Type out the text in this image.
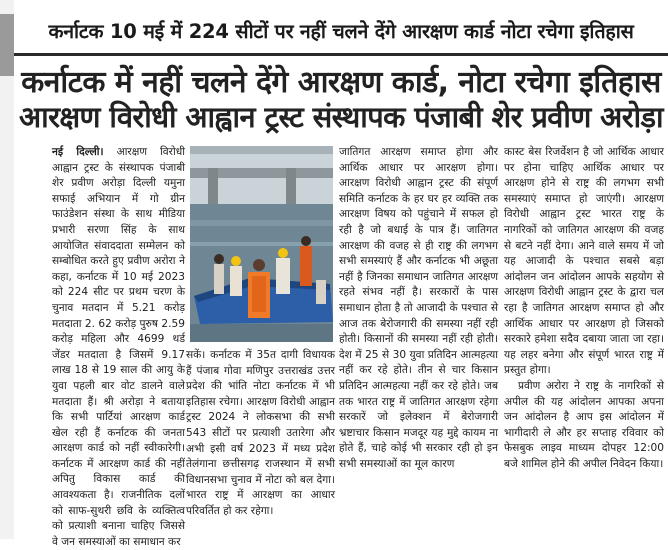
कर्नाटक 10 मई में 224 सीटों पर नहीं चलने देंगे आरक्षण कार्ड नोटा रचेगा इतिहास
कर्नाटक में नहीं चलने देंगे आरक्षण कार्ड, नोटा रचेगा इतिहास
आरक्षण विरोधी आह्वान ट्रस्ट संस्थापक पंजाबी शेर प्रवीण अरोड़ा

नई दिल्ली। आरक्षण विरोधी आह्वान ट्रस्ट के संस्थापक पंजाबी शेर प्रवीण अरोड़ा दिल्ली यमुना सफाई अभियान में गो ग्रीन फाउंडेशन संस्था के साथ मीडिया प्रभारी सरणा सिंह के साथ आयोजित संवाददाता सम्मेलन को सम्बोधित करते हुए प्रवीण अरोरा ने कहा, कर्नाटक में 10 मई 2023 को 224 सीट पर प्रथम चरण के चुनाव मतदान में 5.21 करोड़ मतदाता 2. 62 करोड़ पुरुष 2.59 करोड़ महिला और 4699 थर्ड जेंडर मतदाता है जिसमें 9.17 लाख 18 से 19 साल की आयु के युवा पहली बार वोट डालने वाले मतदाता हैं। श्री अरोड़ा ने बताया कि सभी पार्टियां आरक्षण कार्ड खेल रही हैं कर्नाटक की जनता आरक्षण कार्ड को नहीं स्वीकारेगी। कर्नाटक में आरक्षण कार्ड की नहीं अपितु विकास कार्ड की आवश्यकता है। राजनीतिक दलों को साफ-सुथरी छवि के व्यक्तित्व को प्रत्याशी बनाना चाहिए जिससे वे जन समस्याओं का समाधान कर

सकें। कर्नाटक में 35त दागी विधायक हैं पंजाब गोवा मणिपुर उत्तराखंड उत्तर प्रदेश की भांति नोटा कर्नाटक में भी इतिहास रचेगा। आरक्षण विरोधी आह्वान ट्रस्ट 2024 ने लोकसभा की सभी 543 सीटों पर प्रत्याशी उतारेगा और अभी इसी वर्ष 2023 में मध्य प्रदेश तेलंगाना छत्तीसगढ़ राजस्थान में सभी विधानसभा चुनाव में नोटा को बल देगा। भारत राष्ट्र में आरक्षण का आधार परिवर्तित हो कर रहेगा।

जातिगत आरक्षण समाप्त होगा और आर्थिक आधार पर आरक्षण होगा। आरक्षण विरोधी आह्वान ट्रस्ट की संपूर्ण समिति कर्नाटक के हर घर हर व्यक्ति तक आरक्षण विषय को पहुंचाने में सफल हो रही है जो बधाई के पात्र हैं। जातिगत आरक्षण की वजह से ही राष्ट्र की लगभग सभी समस्याएं हैं और कर्नाटक भी अछूता नहीं है जिनका समाधान जातिगत आरक्षण रहते संभव नहीं है। सरकारों के पास समाधान होता है तो आजादी के पश्चात से आज तक बेरोजगारी की समस्या नहीं रही होती। किसानों की समस्या नहीं रही होती। देश में 25 से 30 युवा प्रतिदिन आत्महत्या नहीं कर रहे होते। तीन से चार किसान प्रतिदिन आत्महत्या नहीं कर रहे होते। जब तक भारत राष्ट्र में जातिगत आरक्षण रहेगा सरकारें जो इलेक्शन में बेरोजगारी भ्रष्टाचार किसान मजदूर यह मुद्दे कायम ना होते हैं, चाहे कोई भी सरकार रही हो इन सभी समस्याओं का मूल कारण

कास्ट बेस रिजर्वेशन है जो आर्थिक आधार पर होना चाहिए आर्थिक आधार पर आरक्षण होने से राष्ट्र की लगभग सभी समस्याएं समाप्त हो जाएंगी। आरक्षण विरोधी आह्वान ट्रस्ट भारत राष्ट्र के नागरिकों को जातिगत आरक्षण की वजह से बटने नहीं देगा। आने वाले समय में जो यह आजादी के पश्चात सबसे बड़ा आंदोलन जन आंदोलन आपके सहयोग से आरक्षण विरोधी आह्वान ट्रस्ट के द्वारा चल रहा है जातिगत आरक्षण समाप्त हो और आर्थिक आधार पर आरक्षण हो जिसको सरकारे हमेशा सदैव दबाया जाता जा रहा। यह लहर बनेगा और संपूर्ण भारत राष्ट्र में प्रस्तुत होगा।

प्रवीण अरोरा ने राष्ट्र के नागरिकों से अपील की यह आंदोलन आपका अपना जन आंदोलन है आप इस आंदोलन में भागीदारी ले और हर सप्ताह रविवार को फेसबुक लाइव माध्यम दोपहर 12:00 बजे शामिल होने की अपील निवेदन किया।
